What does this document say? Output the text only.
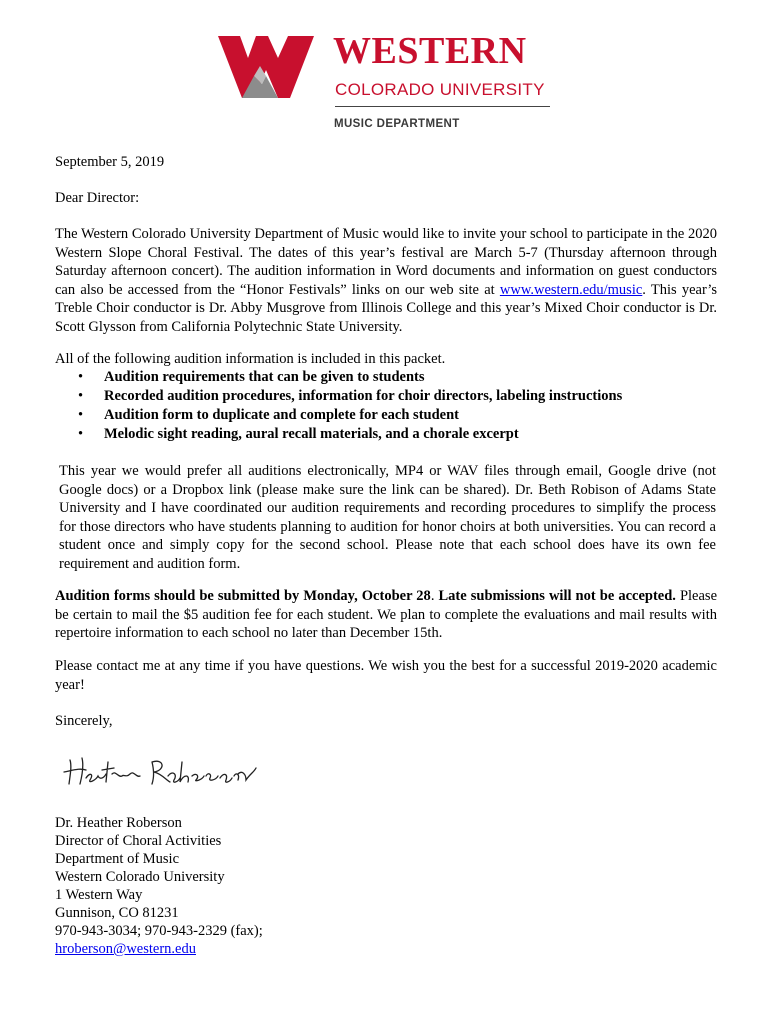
WESTERN
COLORADO UNIVERSITY
MUSIC DEPARTMENT
September 5, 2019
Dear Director:
The Western Colorado University Department of Music would like to invite your school to participate in the 2020 Western Slope Choral Festival. The dates of this year’s festival are March 5-7 (Thursday afternoon through Saturday afternoon concert). The audition information in Word documents and information on guest conductors can also be accessed from the “Honor Festivals” links on our web site at www.western.edu/music. This year’s Treble Choir conductor is Dr. Abby Musgrove from Illinois College and this year’s Mixed Choir conductor is Dr. Scott Glysson from California Polytechnic State University.
All of the following audition information is included in this packet.
• Audition requirements that can be given to students
• Recorded audition procedures, information for choir directors, labeling instructions
• Audition form to duplicate and complete for each student
• Melodic sight reading, aural recall materials, and a chorale excerpt
This year we would prefer all auditions electronically, MP4 or WAV files through email, Google drive (not Google docs) or a Dropbox link (please make sure the link can be shared). Dr. Beth Robison of Adams State University and I have coordinated our audition requirements and recording procedures to simplify the process for those directors who have students planning to audition for honor choirs at both universities. You can record a student once and simply copy for the second school. Please note that each school does have its own fee requirement and audition form.
Audition forms should be submitted by Monday, October 28. Late submissions will not be accepted. Please be certain to mail the $5 audition fee for each student. We plan to complete the evaluations and mail results with repertoire information to each school no later than December 15th.
Please contact me at any time if you have questions. We wish you the best for a successful 2019-2020 academic year!
Sincerely,
Dr. Heather Roberson
Director of Choral Activities
Department of Music
Western Colorado University
1 Western Way
Gunnison, CO 81231
970-943-3034; 970-943-2329 (fax);
hroberson@western.edu
